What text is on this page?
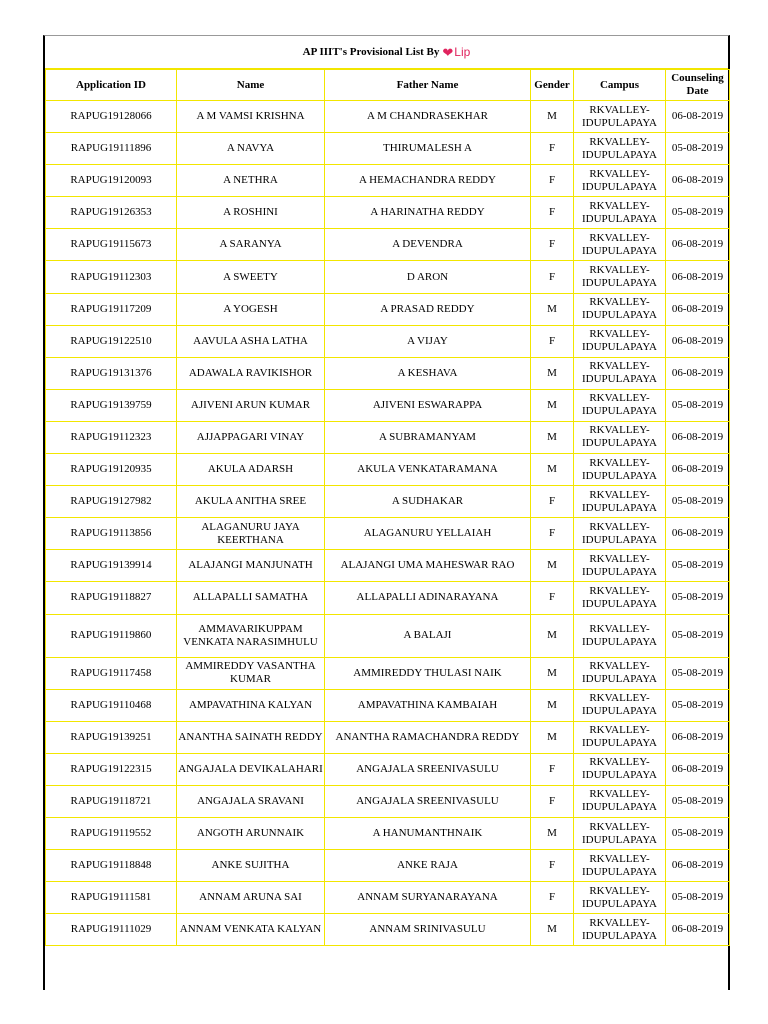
AP IIIT's Provisional List By ❤ Lip
Application ID	Name	Father Name	Gender	Campus	Counseling Date
RAPUG19128066	A M VAMSI KRISHNA	A M CHANDRASEKHAR	M	RKVALLEY- IDUPULAPAYA	06-08-2019
RAPUG19111896	A NAVYA	THIRUMALESH A	F	RKVALLEY- IDUPULAPAYA	05-08-2019
RAPUG19120093	A NETHRA	A HEMACHANDRA REDDY	F	RKVALLEY- IDUPULAPAYA	06-08-2019
RAPUG19126353	A ROSHINI	A HARINATHA REDDY	F	RKVALLEY- IDUPULAPAYA	05-08-2019
RAPUG19115673	A SARANYA	A DEVENDRA	F	RKVALLEY- IDUPULAPAYA	06-08-2019
RAPUG19112303	A SWEETY	D ARON	F	RKVALLEY- IDUPULAPAYA	06-08-2019
RAPUG19117209	A YOGESH	A PRASAD REDDY	M	RKVALLEY- IDUPULAPAYA	06-08-2019
RAPUG19122510	AAVULA ASHA LATHA	A VIJAY	F	RKVALLEY- IDUPULAPAYA	06-08-2019
RAPUG19131376	ADAWALA RAVIKISHOR	A KESHAVA	M	RKVALLEY- IDUPULAPAYA	06-08-2019
RAPUG19139759	AJIVENI ARUN KUMAR	AJIVENI ESWARAPPA	M	RKVALLEY- IDUPULAPAYA	05-08-2019
RAPUG19112323	AJJAPPAGARI VINAY	A SUBRAMANYAM	M	RKVALLEY- IDUPULAPAYA	06-08-2019
RAPUG19120935	AKULA ADARSH	AKULA VENKATARAMANA	M	RKVALLEY- IDUPULAPAYA	06-08-2019
RAPUG19127982	AKULA ANITHA SREE	A SUDHAKAR	F	RKVALLEY- IDUPULAPAYA	05-08-2019
RAPUG19113856	ALAGANURU JAYA KEERTHANA	ALAGANURU YELLAIAH	F	RKVALLEY- IDUPULAPAYA	06-08-2019
RAPUG19139914	ALAJANGI MANJUNATH	ALAJANGI UMA MAHESWAR RAO	M	RKVALLEY- IDUPULAPAYA	05-08-2019
RAPUG19118827	ALLAPALLI SAMATHA	ALLAPALLI ADINARAYANA	F	RKVALLEY- IDUPULAPAYA	05-08-2019
RAPUG19119860	AMMAVARIKUPPAM VENKATA NARASIMHULU	A BALAJI	M	RKVALLEY- IDUPULAPAYA	05-08-2019
RAPUG19117458	AMMIREDDY VASANTHA KUMAR	AMMIREDDY THULASI NAIK	M	RKVALLEY- IDUPULAPAYA	05-08-2019
RAPUG19110468	AMPAVATHINA KALYAN	AMPAVATHINA KAMBAIAH	M	RKVALLEY- IDUPULAPAYA	05-08-2019
RAPUG19139251	ANANTHA SAINATH REDDY	ANANTHA RAMACHANDRA REDDY	M	RKVALLEY- IDUPULAPAYA	06-08-2019
RAPUG19122315	ANGAJALA DEVIKALAHARI	ANGAJALA SREENIVASULU	F	RKVALLEY- IDUPULAPAYA	06-08-2019
RAPUG19118721	ANGAJALA SRAVANI	ANGAJALA SREENIVASULU	F	RKVALLEY- IDUPULAPAYA	05-08-2019
RAPUG19119552	ANGOTH ARUNNAIK	A HANUMANTHNAIK	M	RKVALLEY- IDUPULAPAYA	05-08-2019
RAPUG19118848	ANKE SUJITHA	ANKE RAJA	F	RKVALLEY- IDUPULAPAYA	06-08-2019
RAPUG19111581	ANNAM ARUNA SAI	ANNAM SURYANARAYANA	F	RKVALLEY- IDUPULAPAYA	05-08-2019
RAPUG19111029	ANNAM VENKATA KALYAN	ANNAM SRINIVASULU	M	RKVALLEY- IDUPULAPAYA	06-08-2019
